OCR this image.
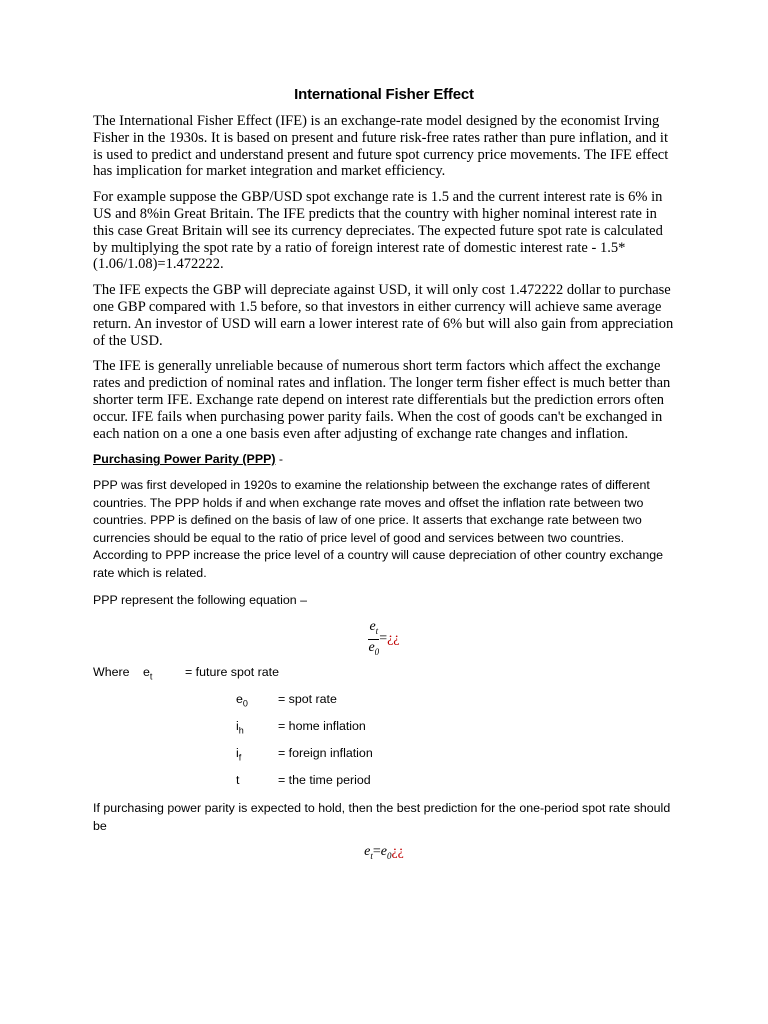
International Fisher Effect

The International Fisher Effect (IFE) is an exchange-rate model designed by the economist Irving Fisher in the 1930s. It is based on present and future risk-free rates rather than pure inflation, and it is used to predict and understand present and future spot currency price movements. The IFE effect has implication for market integration and market efficiency.

For example suppose the GBP/USD spot exchange rate is 1.5 and the current interest rate is 6% in US and 8%in Great Britain. The IFE predicts that the country with higher nominal interest rate in this case Great Britain will see its currency depreciates. The expected future spot rate is calculated by multiplying the spot rate by a ratio of foreign interest rate of domestic interest rate - 1.5*(1.06/1.08)=1.472222.

The IFE expects the GBP will depreciate against USD, it will only cost 1.472222 dollar to purchase one GBP compared with 1.5 before, so that investors in either currency will achieve same average return. An investor of USD will earn a lower interest rate of 6% but will also gain from appreciation of the USD.

The IFE is generally unreliable because of numerous short term factors which affect the exchange rates and prediction of nominal rates and inflation. The longer term fisher effect is much better than shorter term IFE. Exchange rate depend on interest rate differentials but the prediction errors often occur. IFE fails when purchasing power parity fails. When the cost of goods can't be exchanged in each nation on a one a one basis even after adjusting of exchange rate changes and inflation.

Purchasing Power Parity (PPP) -

PPP was first developed in 1920s to examine the relationship between the exchange rates of different countries. The PPP holds if and when exchange rate moves and offset the inflation rate between two countries. PPP is defined on the basis of law of one price. It asserts that exchange rate between two currencies should be equal to the ratio of price level of good and services between two countries. According to PPP increase the price level of a country will cause depreciation of other country exchange rate which is related.

PPP represent the following equation –

$\frac{e_t}{e_0}$ =¿¿
Where $e_t$	= future spot rate
$e_0$ = spot rate
$i_h$	= home inflation
$i_f$	= foreign inflation
t	= the time period

If purchasing power parity is expected to hold, then the best prediction for the one-period spot rate should be

$e_t=e_0¿¿$
